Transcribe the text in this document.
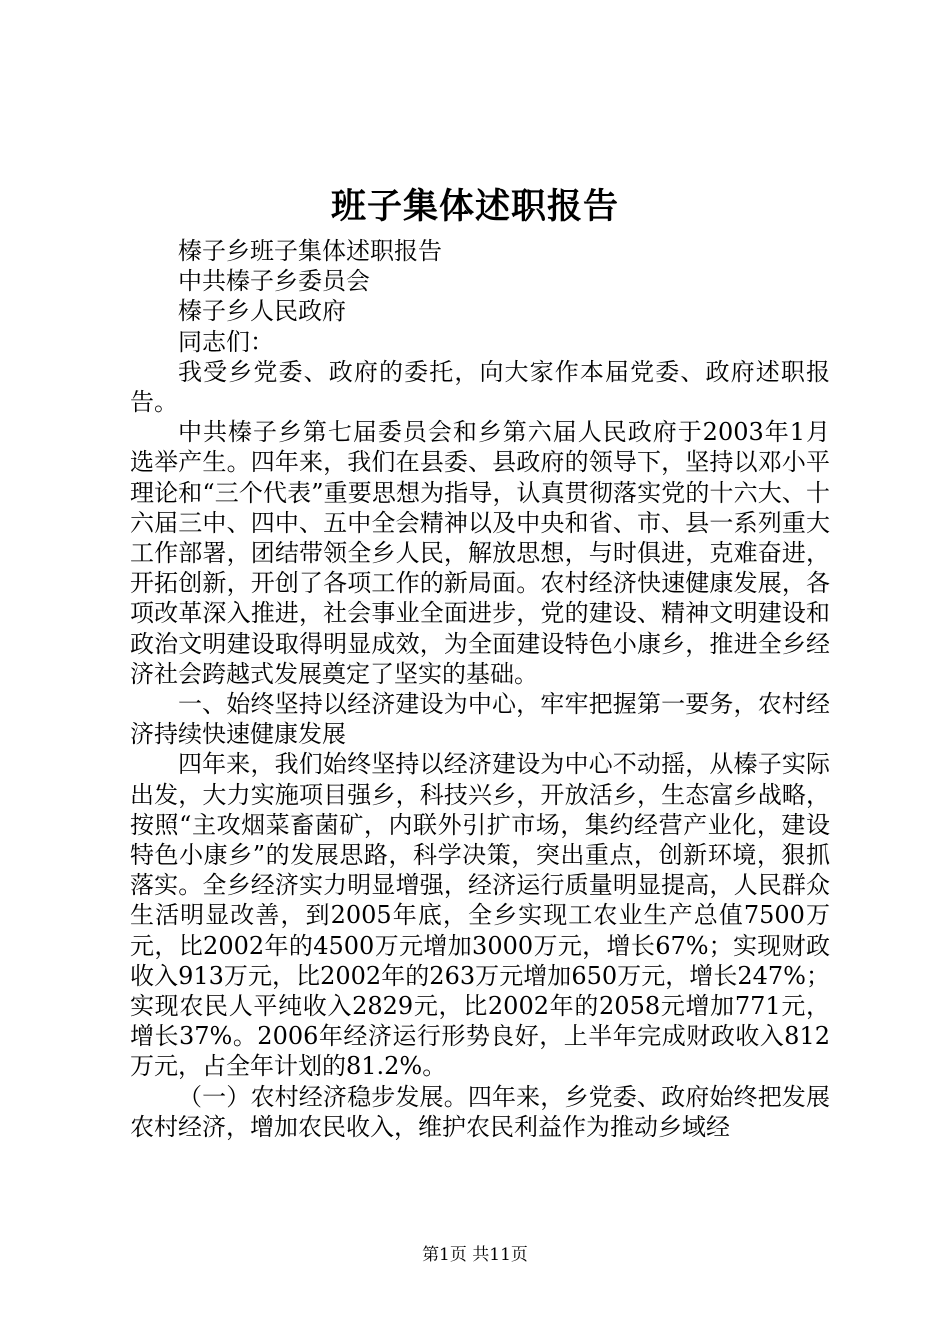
班子集体述职报告

榛子乡班子集体述职报告

中共榛子乡委员会

榛子乡人民政府

同志们：

我受乡党委、政府的委托，向大家作本届党委、政府述职报告。

中共榛子乡第七届委员会和乡第六届人民政府于2003年1月选举产生。四年来，我们在县委、县政府的领导下，坚持以邓小平理论和“三个代表”重要思想为指导，认真贯彻落实党的十六大、十六届三中、四中、五中全会精神以及中央和省、市、县一系列重大工作部署，团结带领全乡人民，解放思想，与时俱进，克难奋进，开拓创新，开创了各项工作的新局面。农村经济快速健康发展，各项改革深入推进，社会事业全面进步，党的建设、精神文明建设和政治文明建设取得明显成效，为全面建设特色小康乡，推进全乡经济社会跨越式发展奠定了坚实的基础。

一、始终坚持以经济建设为中心，牢牢把握第一要务，农村经济持续快速健康发展

四年来，我们始终坚持以经济建设为中心不动摇，从榛子实际出发，大力实施项目强乡，科技兴乡，开放活乡，生态富乡战略，按照“主攻烟菜畜菌矿，内联外引扩市场，集约经营产业化，建设特色小康乡”的发展思路，科学决策，突出重点，创新环境，狠抓落实。全乡经济实力明显增强，经济运行质量明显提高，人民群众生活明显改善，到2005年底，全乡实现工农业生产总值7500万元，比2002年的4500万元增加3000万元，增长67%；实现财政收入913万元，比2002年的263万元增加650万元，增长247%；实现农民人平纯收入2829元，比2002年的2058元增加771元，增长37%。2006年经济运行形势良好，上半年完成财政收入812万元，占全年计划的81.2%。

（一）农村经济稳步发展。四年来，乡党委、政府始终把发展农村经济，增加农民收入，维护农民利益作为推动乡域经

第1页 共11页
